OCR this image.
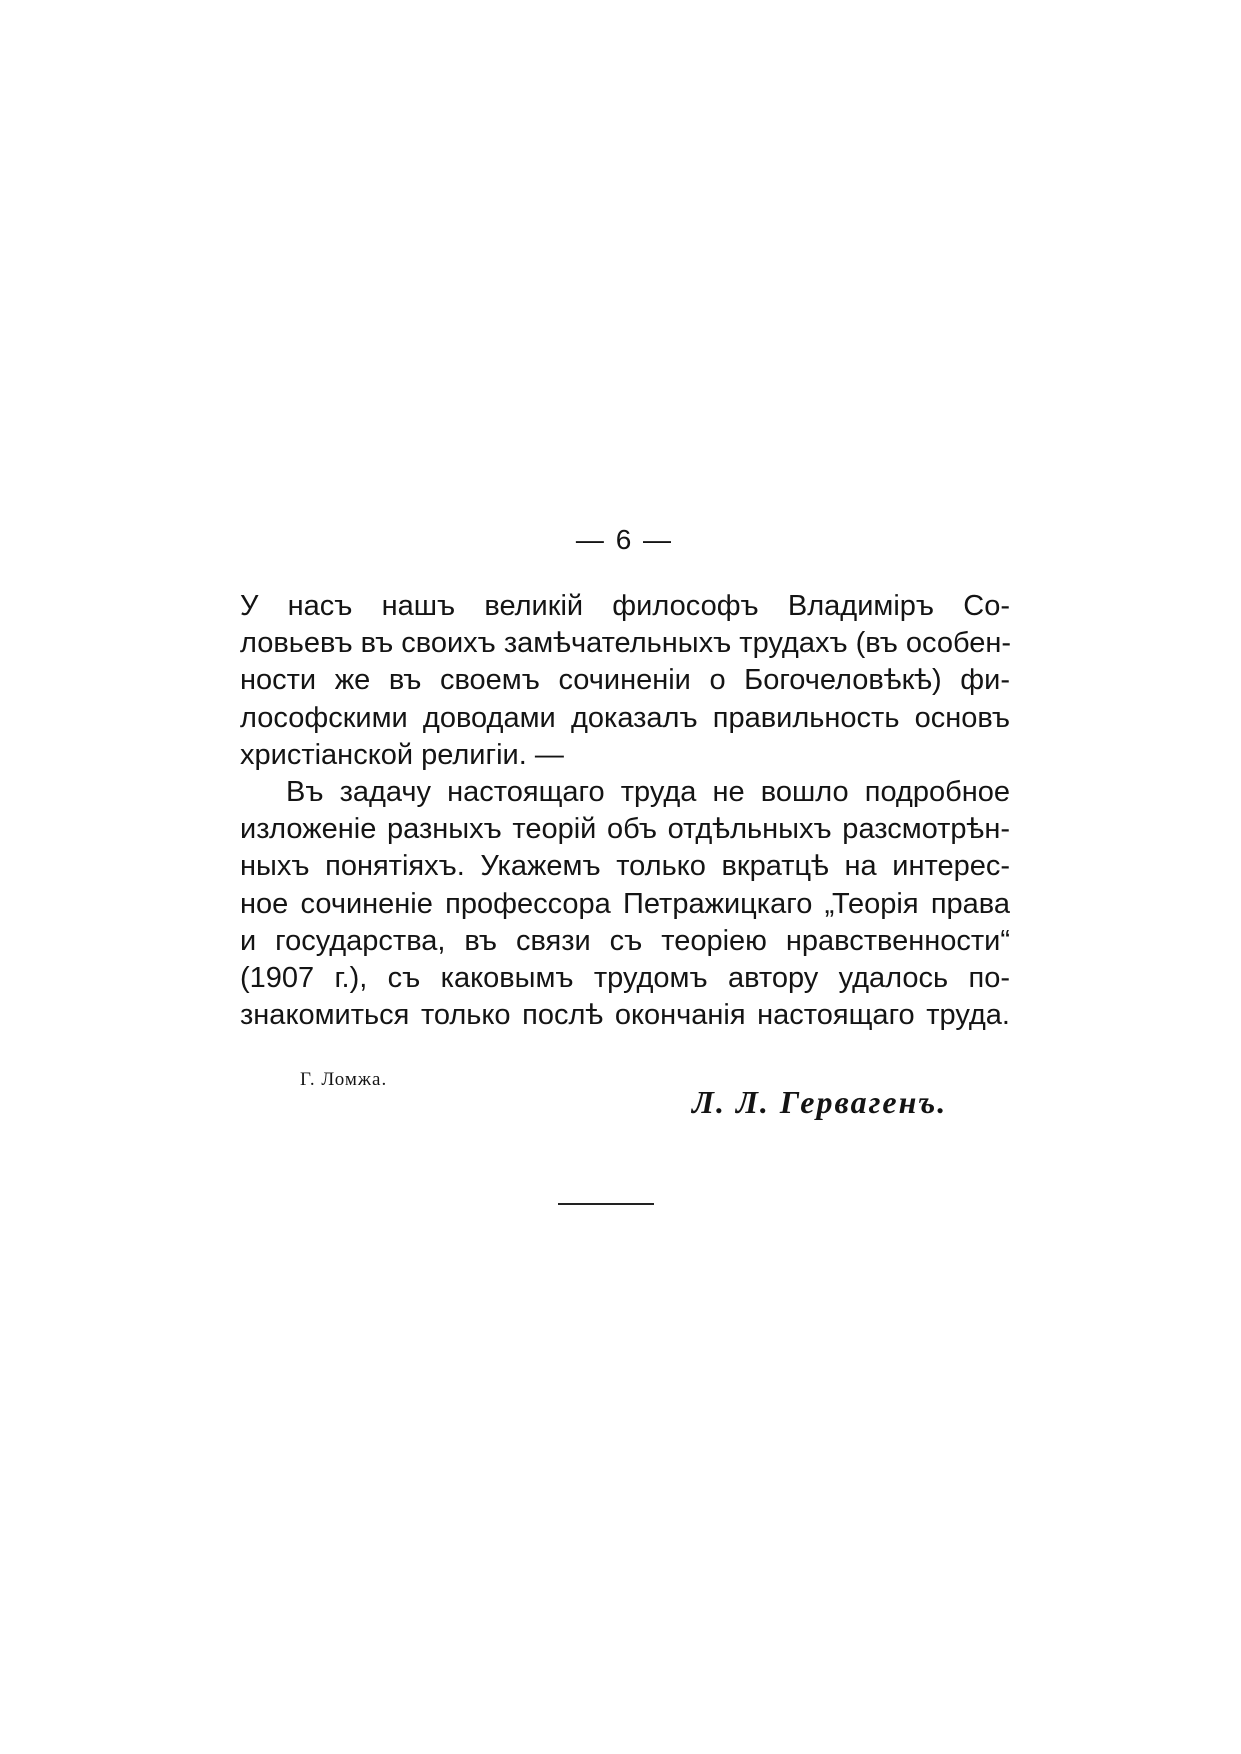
— 6 —
У насъ нашъ великій философъ Владиміръ Со-
ловьевъ въ своихъ замѣчательныхъ трудахъ (въ особен-
ности же въ своемъ сочиненіи о Богочеловѣкѣ) фи-
лософскими доводами доказалъ правильность основъ
христіанской религіи. —
Въ задачу настоящаго труда не вошло подробное
изложеніе разныхъ теорій объ отдѣльныхъ разсмотрѣн-
ныхъ понятіяхъ. Укажемъ только вкратцѣ на интерес-
ное сочиненіе профессора Петражицкаго „Теорія права
и государства, въ связи съ теоріею нравственности“
(1907 г.), съ каковымъ трудомъ автору удалось по-
знакомиться только послѣ окончанія настоящаго труда.
Г. Ломжа.
Л. Л. Гервагенъ.
